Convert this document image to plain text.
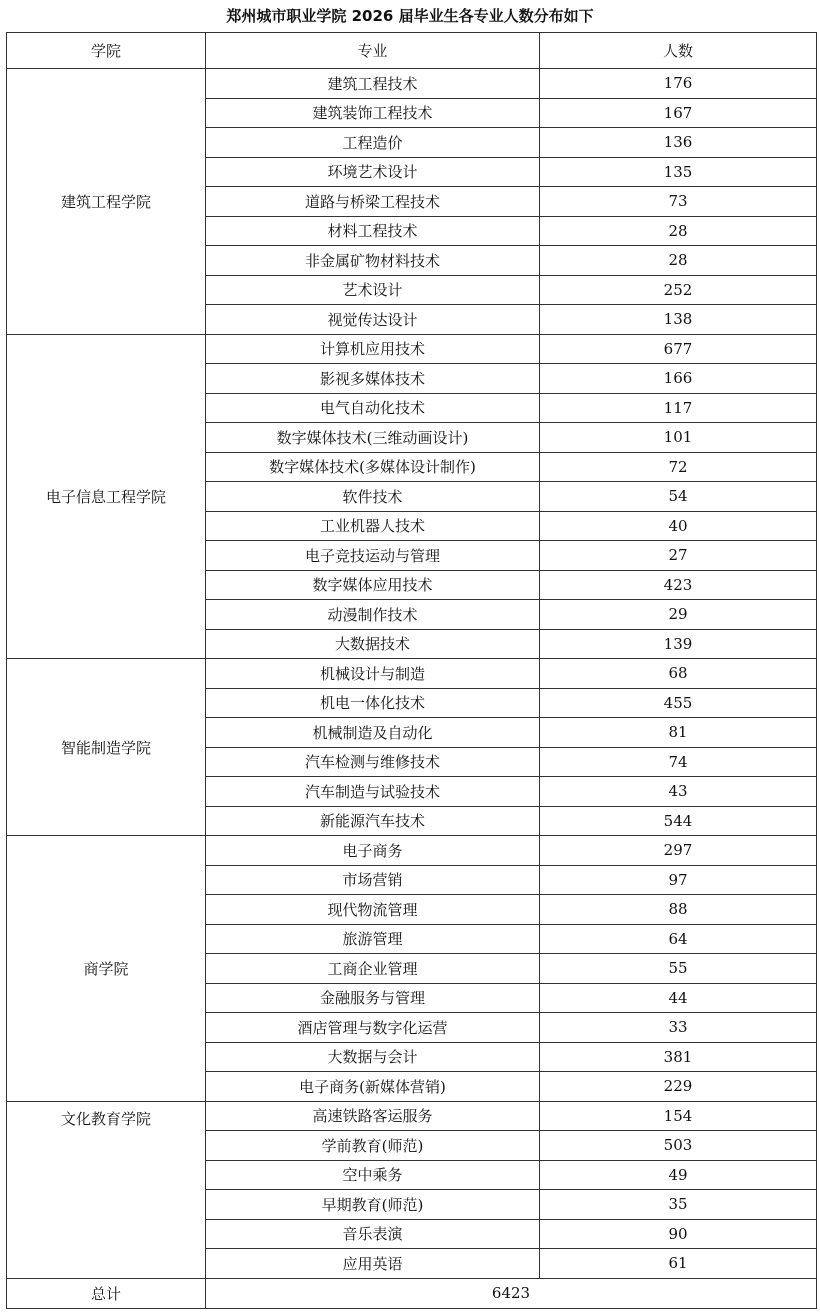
郑州城市职业学院 2026 届毕业生各专业人数分布如下
学院	专业	人数
建筑工程学院	建筑工程技术	176
	建筑装饰工程技术	167
	工程造价	136
	环境艺术设计	135
	道路与桥梁工程技术	73
	材料工程技术	28
	非金属矿物材料技术	28
	艺术设计	252
	视觉传达设计	138
电子信息工程学院	计算机应用技术	677
	影视多媒体技术	166
	电气自动化技术	117
	数字媒体技术(三维动画设计)	101
	数字媒体技术(多媒体设计制作)	72
	软件技术	54
	工业机器人技术	40
	电子竞技运动与管理	27
	数字媒体应用技术	423
	动漫制作技术	29
	大数据技术	139
智能制造学院	机械设计与制造	68
	机电一体化技术	455
	机械制造及自动化	81
	汽车检测与维修技术	74
	汽车制造与试验技术	43
	新能源汽车技术	544
商学院	电子商务	297
	市场营销	97
	现代物流管理	88
	旅游管理	64
	工商企业管理	55
	金融服务与管理	44
	酒店管理与数字化运营	33
	大数据与会计	381
	电子商务(新媒体营销)	229
文化教育学院	高速铁路客运服务	154
	学前教育(师范)	503
	空中乘务	49
	早期教育(师范)	35
	音乐表演	90
	应用英语	61
总计	6423	
